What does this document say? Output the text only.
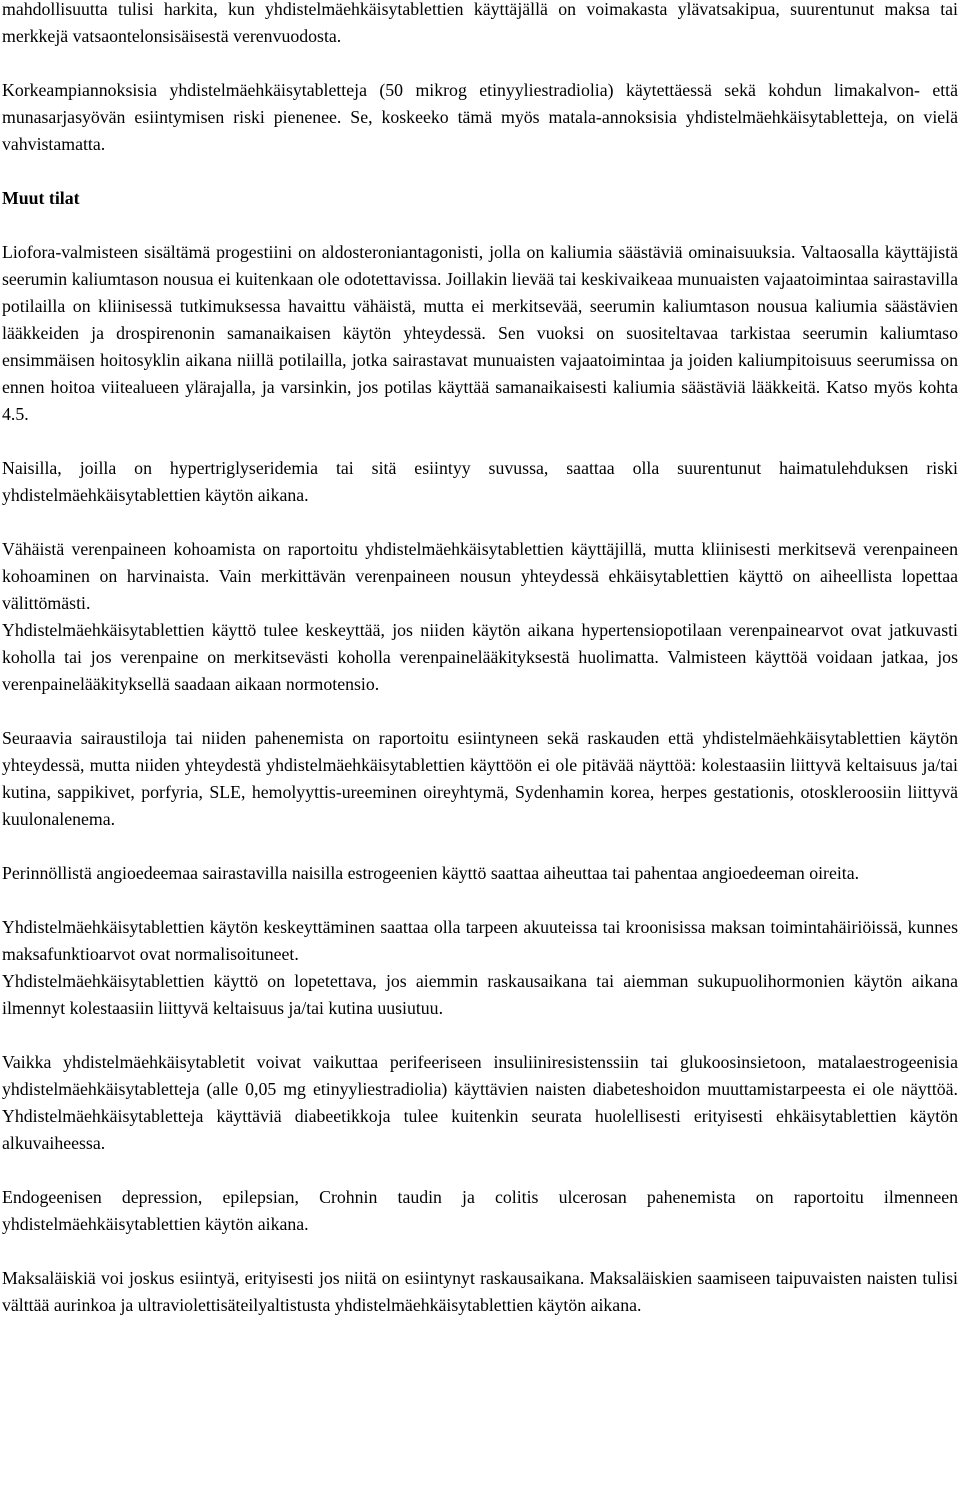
mahdollisuutta tulisi harkita, kun yhdistelmäehkäisytablettien käyttäjällä on voimakasta ylävatsakipua, suurentunut maksa tai merkkejä vatsaontelonsisäisestä verenvuodosta.

Korkeampiannoksisia yhdistelmäehkäisytabletteja (50 mikrog etinyyliestradiolia) käytettäessä sekä kohdun limakalvon- että munasarjasyövän esiintymisen riski pienenee. Se, koskeeko tämä myös matala-annoksisia yhdistelmäehkäisytabletteja, on vielä vahvistamatta.

Muut tilat

Liofora-valmisteen sisältämä progestiini on aldosteroniantagonisti, jolla on kaliumia säästäviä ominaisuuksia. Valtaosalla käyttäjistä seerumin kaliumtason nousua ei kuitenkaan ole odotettavissa. Joillakin lievää tai keskivaikeaa munuaisten vajaatoimintaa sairastavilla potilailla on kliinisessä tutkimuksessa havaittu vähäistä, mutta ei merkitsevää, seerumin kaliumtason nousua kaliumia säästävien lääkkeiden ja drospirenonin samanaikaisen käytön yhteydessä. Sen vuoksi on suositeltavaa tarkistaa seerumin kaliumtaso ensimmäisen hoitosyklin aikana niillä potilailla, jotka sairastavat munuaisten vajaatoimintaa ja joiden kaliumpitoisuus seerumissa on ennen hoitoa viitealueen ylärajalla, ja varsinkin, jos potilas käyttää samanaikaisesti kaliumia säästäviä lääkkeitä. Katso myös kohta 4.5.

Naisilla, joilla on hypertriglyseridemia tai sitä esiintyy suvussa, saattaa olla suurentunut haimatulehduksen riski yhdistelmäehkäisytablettien käytön aikana.

Vähäistä verenpaineen kohoamista on raportoitu yhdistelmäehkäisytablettien käyttäjillä, mutta kliinisesti merkitsevä verenpaineen kohoaminen on harvinaista. Vain merkittävän verenpaineen nousun yhteydessä ehkäisytablettien käyttö on aiheellista lopettaa välittömästi.

Yhdistelmäehkäisytablettien käyttö tulee keskeyttää, jos niiden käytön aikana hypertensiopotilaan verenpainearvot ovat jatkuvasti koholla tai jos verenpaine on merkitsevästi koholla verenpainelääkityksestä huolimatta. Valmisteen käyttöä voidaan jatkaa, jos verenpainelääkityksellä saadaan aikaan normotensio.

Seuraavia sairaustiloja tai niiden pahenemista on raportoitu esiintyneen sekä raskauden että yhdistelmäehkäisytablettien käytön yhteydessä, mutta niiden yhteydestä yhdistelmäehkäisytablettien käyttöön ei ole pitävää näyttöä: kolestaasiin liittyvä keltaisuus ja/tai kutina, sappikivet, porfyria, SLE, hemolyyttis-ureeminen oireyhtymä, Sydenhamin korea, herpes gestationis, otoskleroosiin liittyvä kuulonalenema.

Perinnöllistä angioedeemaa sairastavilla naisilla estrogeenien käyttö saattaa aiheuttaa tai pahentaa angioedeeman oireita.

Yhdistelmäehkäisytablettien käytön keskeyttäminen saattaa olla tarpeen akuuteissa tai kroonisissa maksan toimintahäiriöissä, kunnes maksafunktioarvot ovat normalisoituneet.

Yhdistelmäehkäisytablettien käyttö on lopetettava, jos aiemmin raskausaikana tai aiemman sukupuolihormonien käytön aikana ilmennyt kolestaasiin liittyvä keltaisuus ja/tai kutina uusiutuu.

Vaikka yhdistelmäehkäisytabletit voivat vaikuttaa perifeeriseen insuliiniresistenssiin tai glukoosinsietoon, matalaestrogeenisia yhdistelmäehkäisytabletteja (alle 0,05 mg etinyyliestradiolia) käyttävien naisten diabeteshoidon muuttamistarpeesta ei ole näyttöä. Yhdistelmäehkäisytabletteja käyttäviä diabeetikkoja tulee kuitenkin seurata huolellisesti erityisesti ehkäisytablettien käytön alkuvaiheessa.

Endogeenisen depression, epilepsian, Crohnin taudin ja colitis ulcerosan pahenemista on raportoitu ilmenneen yhdistelmäehkäisytablettien käytön aikana.

Maksaläiskiä voi joskus esiintyä, erityisesti jos niitä on esiintynyt raskausaikana. Maksaläiskien saamiseen taipuvaisten naisten tulisi välttää aurinkoa ja ultraviolettisäteilyaltistusta yhdistelmäehkäisytablettien käytön aikana.
